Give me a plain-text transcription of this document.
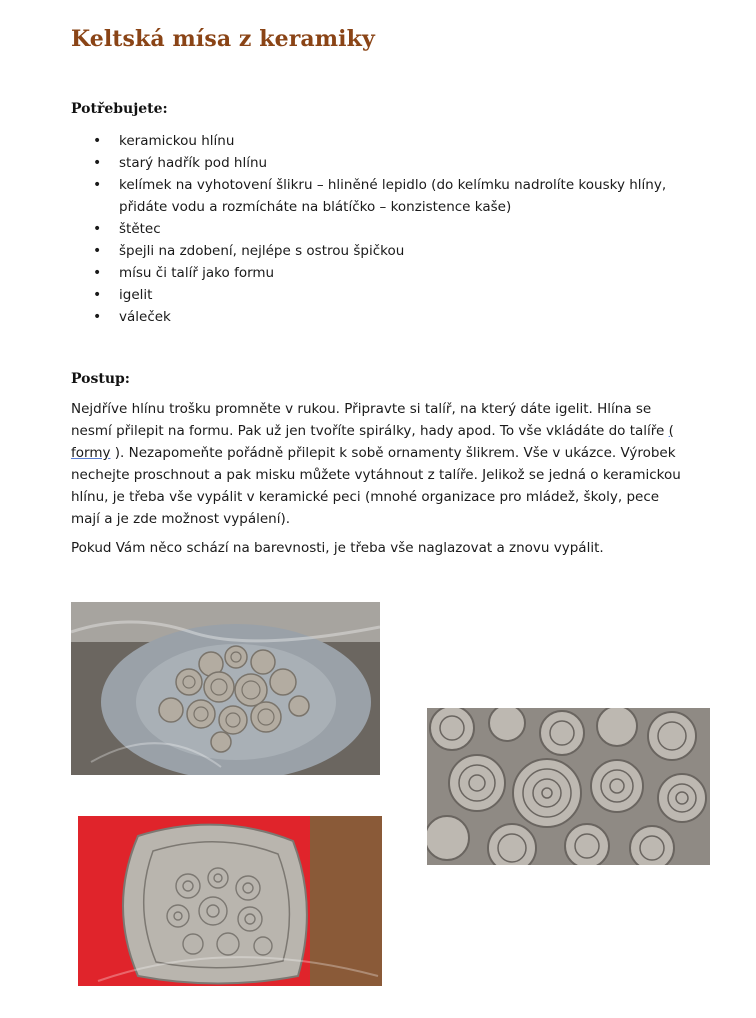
Keltská mísa z keramiky
Potřebujete:
• keramickou hlínu
• starý hadřík pod hlínu
• kelímek na vyhotovení šlikru – hliněné lepidlo (do kelímku nadrolíte kousky hlíny, přidáte vodu a rozmícháte na blátíčko – konzistence kaše)
• štětec
• špejli na zdobení, nejlépe s ostrou špičkou
• mísu či talíř jako formu
• igelit
• váleček
Postup:

Nejdříve hlínu trošku promněte v rukou. Připravte si talíř, na který dáte igelit. Hlína se nesmí přilepit na formu. Pak už jen tvoříte spirálky, hady apod. To vše vkládáte do talíře ( formy ). Nezapomeňte pořádně přilepit k sobě ornamenty šlikrem. Vše v ukázce. Výrobek nechejte proschnout a pak misku můžete vytáhnout z talíře. Jelikož se jedná o keramickou hlínu, je třeba vše vypálit v keramické peci (mnohé organizace pro mládež, školy, pece mají a je zde možnost vypálení).

Pokud Vám něco schází na barevnosti, je třeba vše naglazovat a znovu vypálit.
